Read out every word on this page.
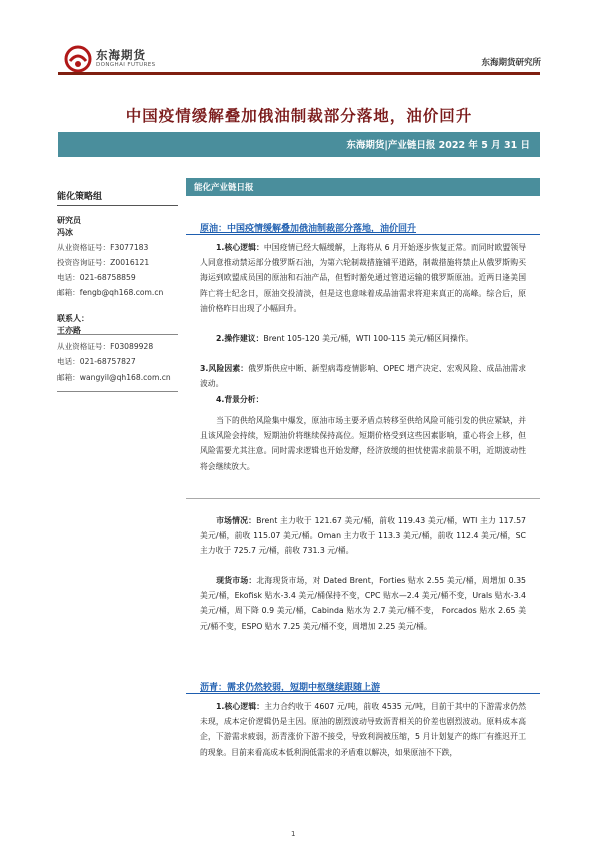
东海期货
DONGHAI FUTURES	东海期货研究所
中国疫情缓解叠加俄油制裁部分落地，油价回升
东海期货|产业链日报 2022 年 5 月 31 日
能化策略组
研究员
冯冰
从业资格证号：F3077183
投资咨询证号：Z0016121
电话：021-68758859
邮箱：fengb@qh168.com.cn
联系人：
王亦路
从业资格证号：F03089928
电话：021-68757827
邮箱：wangyil@qh168.com.cn
能化产业链日报
原油：中国疫情缓解叠加俄油制裁部分落地，油价回升
1.核心逻辑：中国疫情已经大幅缓解，上海将从 6 月开始逐步恢复正常。而同时欧盟领导人同意推动禁运部分俄罗斯石油，为第六轮制裁措施铺平道路，制裁措施将禁止从俄罗斯购买海运到欧盟成员国的原油和石油产品，但暂时豁免通过管道运输的俄罗斯原油。近两日逢美国阵亡将士纪念日，原油交投清淡，但是这也意味着成品油需求将迎来真正的高峰。综合后，原油价格昨日出现了小幅回升。
2.操作建议：Brent 105-120 美元/桶，WTI 100-115 美元/桶区间操作。
3.风险因素：俄罗斯供应中断、新型病毒疫情影响、OPEC 增产决定、宏观风险、成品油需求波动。
4.背景分析：
当下的供给风险集中爆发，原油市场主要矛盾点转移至供给风险可能引发的供应紧缺，并且该风险会持续，短期油价将继续保持高位。短期价格受到这些因素影响，重心将会上移，但风险需要尤其注意。同时需求逻辑也开始发酵，经济放缓的担忧使需求前景不明，近期波动性将会继续放大。
市场情况：Brent 主力收于 121.67 美元/桶，前收 119.43 美元/桶，WTI 主力 117.57 美元/桶，前收 115.07 美元/桶。Oman 主力收于 113.3 美元/桶，前收 112.4 美元/桶，SC 主力收于 725.7 元/桶，前收 731.3 元/桶。
现货市场：北海现货市场，对 Dated Brent，Forties 贴水 2.55 美元/桶，周增加 0.35 美元/桶，Ekofisk 贴水-3.4 美元/桶保持不变，CPC 贴水—2.4 美元/桶不变，Urals 贴水-3.4 美元/桶，周下降 0.9 美元/桶，Cabinda 贴水为 2.7 美元/桶不变， Forcados 贴水 2.65 美元/桶不变，ESPO 贴水 7.25 美元/桶不变，周增加 2.25 美元/桶。
沥青：需求仍然较弱，短期中枢继续跟随上游
1.核心逻辑：主力合约收于 4607 元/吨，前收 4535 元/吨，目前于其中的下游需求仍然未现，成本定价逻辑仍是主因。原油的剧烈波动导致沥青相关的价差也剧烈波动。原料成本高企，下游需求疲弱，沥青涨价下游不接受，导致利润被压缩，5 月计划复产的炼厂有推迟开工的现象。目前来看高成本低利润低需求的矛盾难以解决，如果原油不下跌，
1
